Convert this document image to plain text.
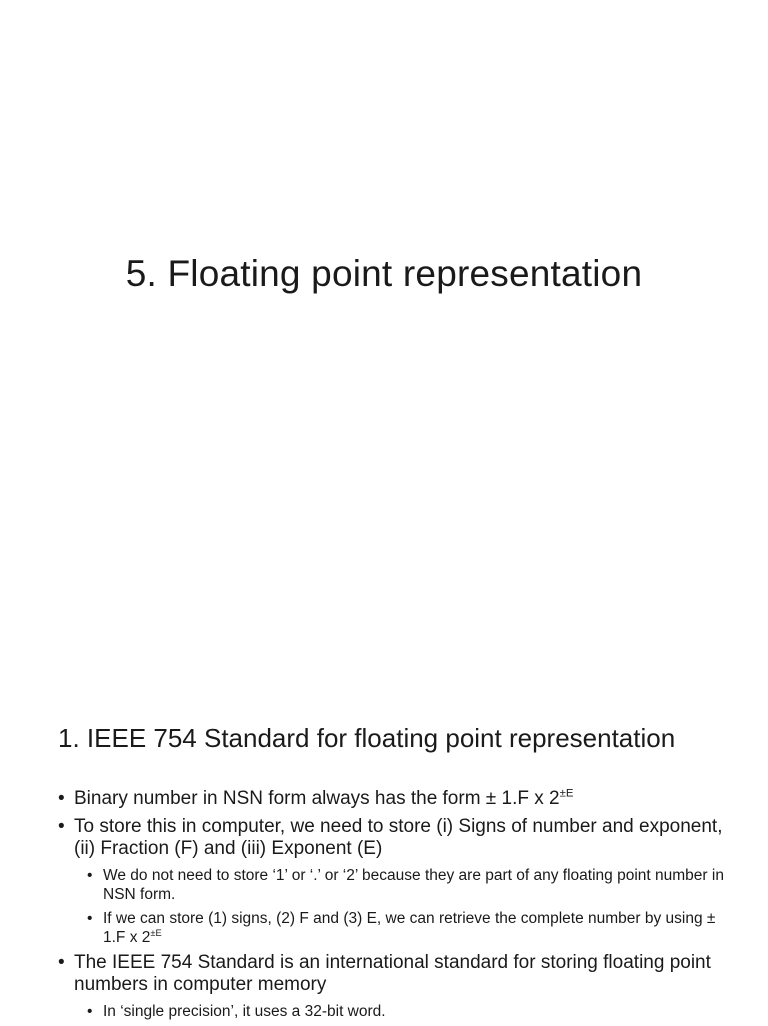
5. Floating point representation
1. IEEE 754 Standard for floating point representation

• Binary number in NSN form always has the form ± 1.F x $2^{\pm E}$

• To store this in computer, we need to store (i) Signs of number and exponent, (ii) Fraction (F) and (iii) Exponent (E)

• We do not need to store ‘1’ or ‘.’ or ‘2’ because they are part of any floating point number in NSN form.

• If we can store (1) signs, (2) F and (3) E, we can retrieve the complete number by using ± 1.F x $2^{\pm E}$

• The IEEE 754 Standard is an international standard for storing floating point numbers in computer memory

• In ‘single precision’, it uses a 32-bit word.
